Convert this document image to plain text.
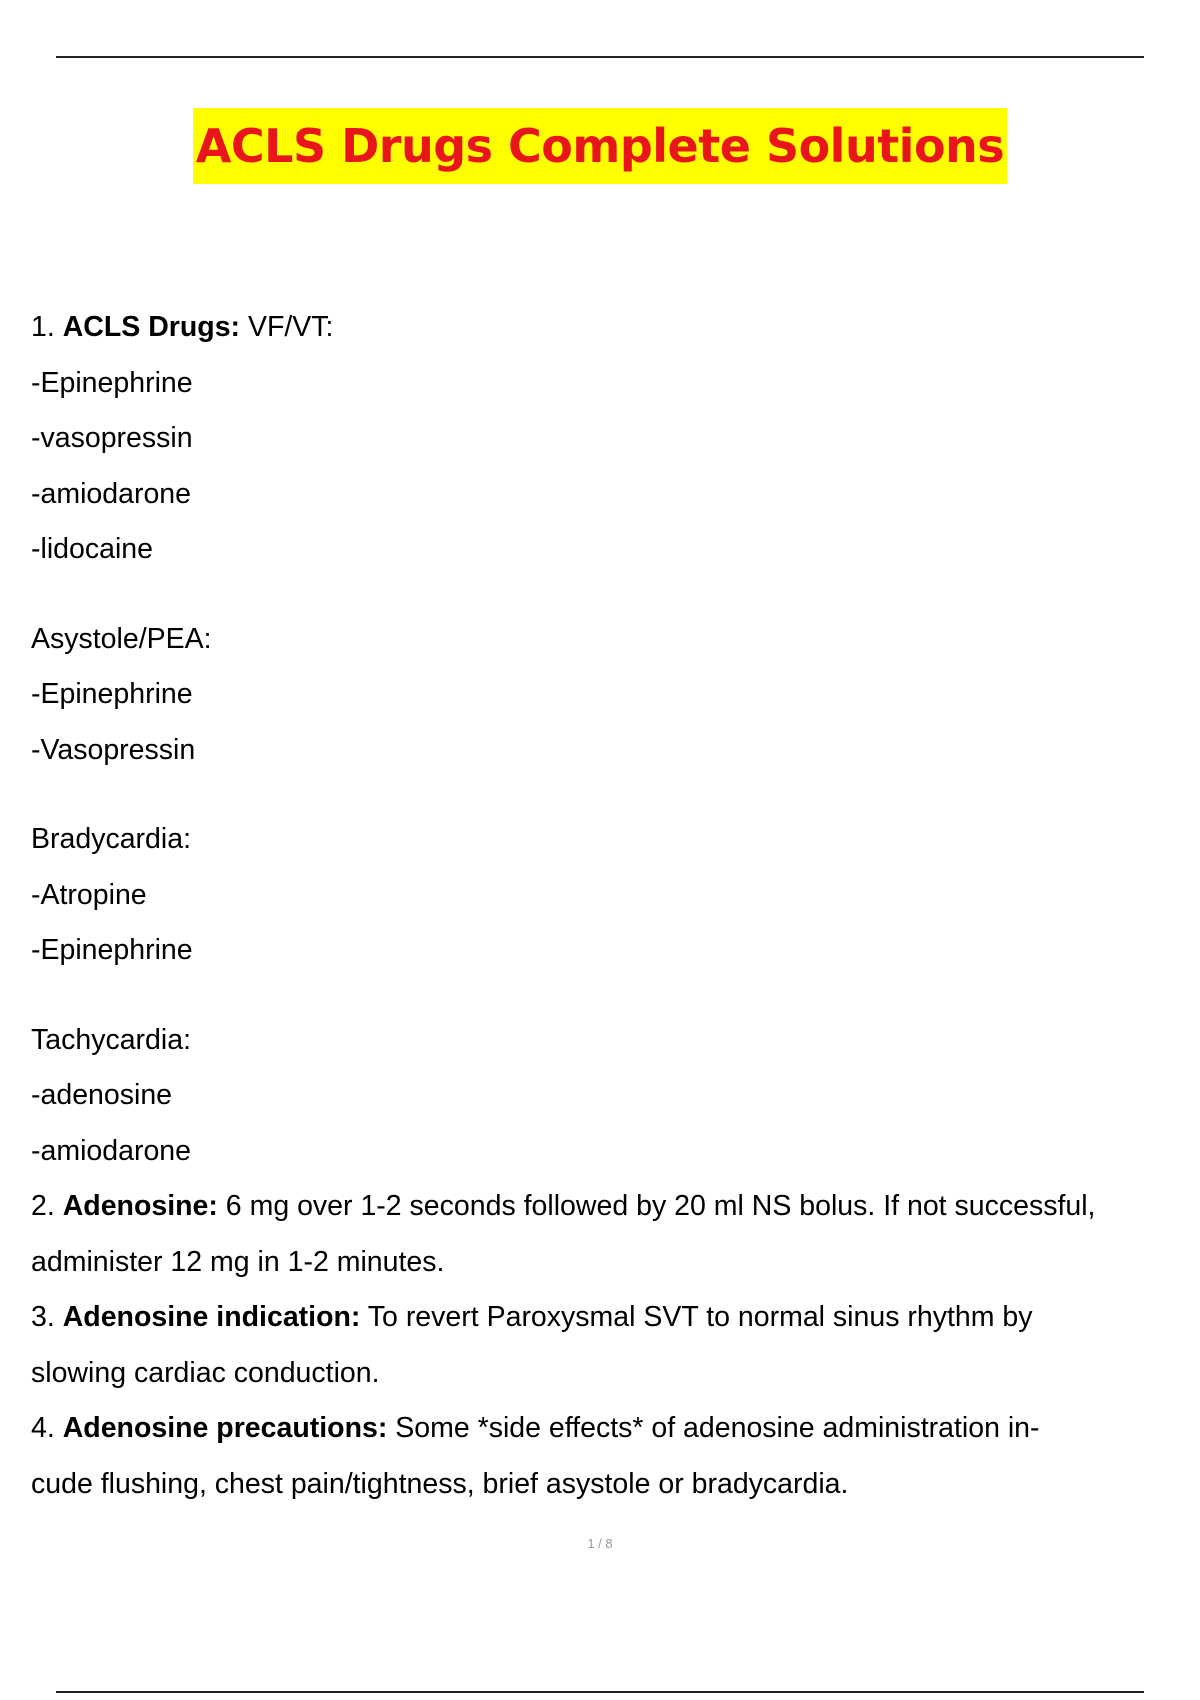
ACLS Drugs Complete Solutions
1. ACLS Drugs: VF/VT:
-Epinephrine
-vasopressin
-amiodarone
-lidocaine
Asystole/PEA:
-Epinephrine
-Vasopressin
Bradycardia:
-Atropine
-Epinephrine
Tachycardia:
-adenosine
-amiodarone
2. Adenosine: 6 mg over 1-2 seconds followed by 20 ml NS bolus. If not successful,
administer 12 mg in 1-2 minutes.
3. Adenosine indication: To revert Paroxysmal SVT to normal sinus rhythm by
slowing cardiac conduction.
4. Adenosine precautions: Some *side effects* of adenosine administration in-
cude flushing, chest pain/tightness, brief asystole or bradycardia.
1 / 8
